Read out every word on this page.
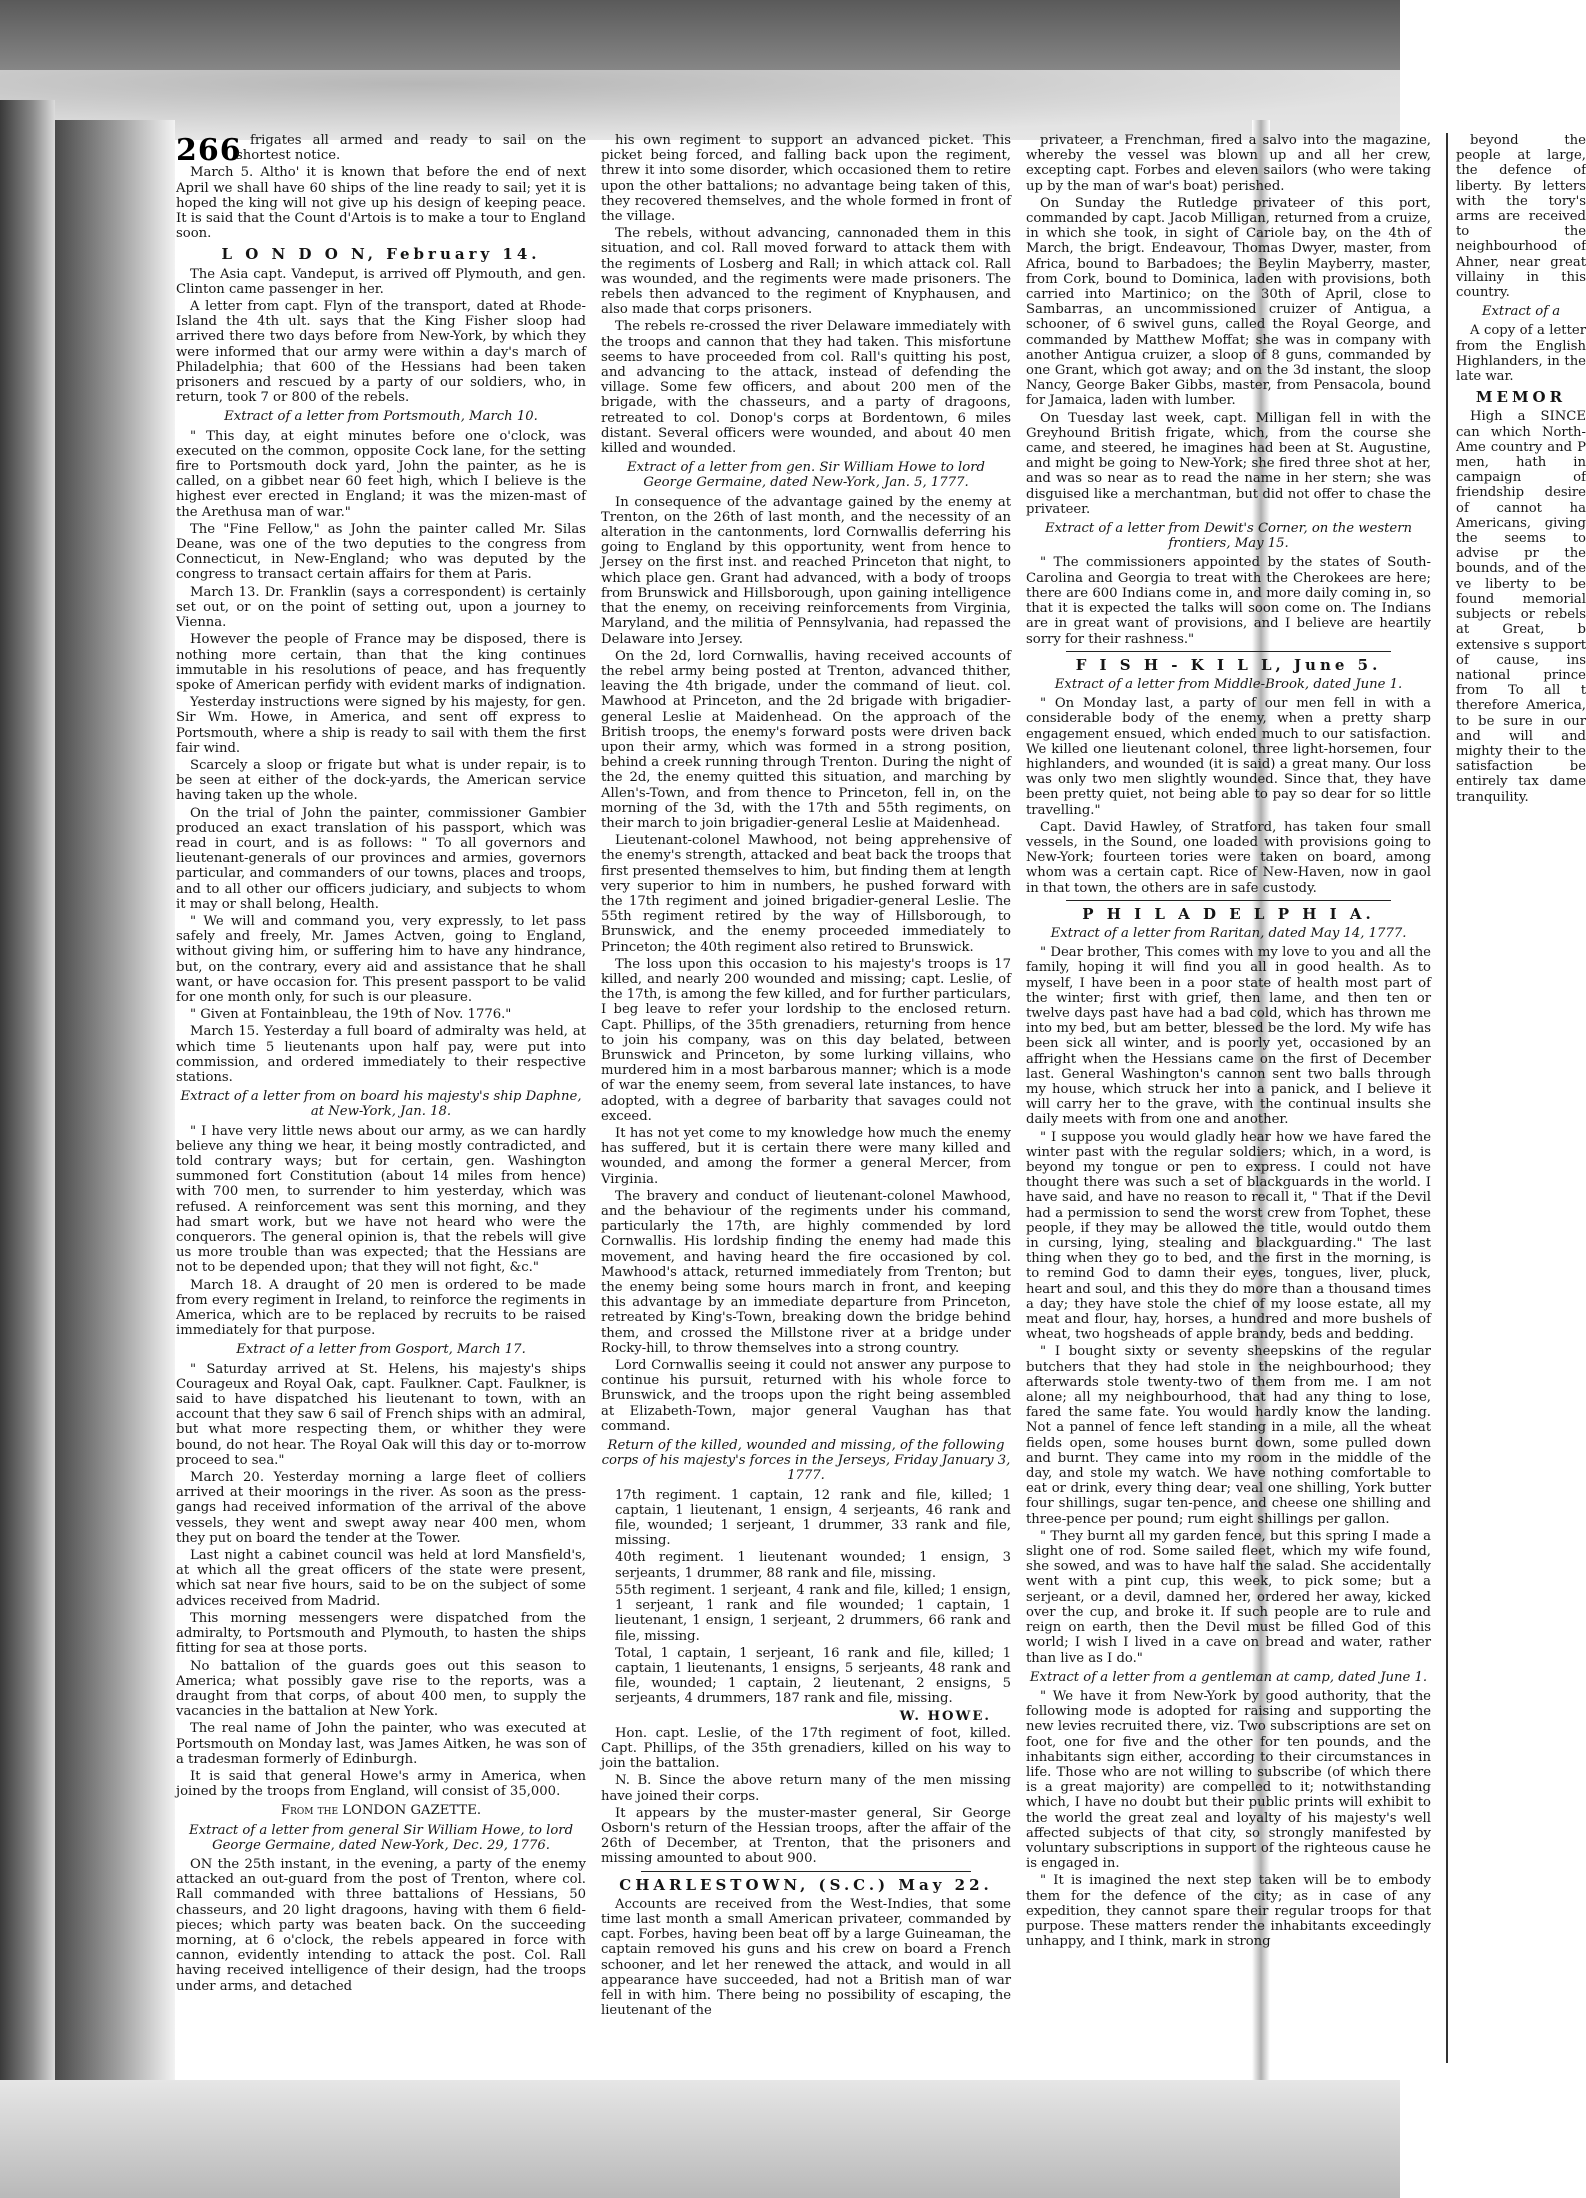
266 frigates all armed and ready to sail on the shortest notice.

March 5. Altho' it is known that before the end of next April we shall have 60 ships of the line ready to sail; yet it is hoped the king will not give up his design of keeping peace. It is said that the Count d'Artois is to make a tour to England soon.

L O N D O N, February 14.

The Asia capt. Vandeput, is arrived off Plymouth, and gen. Clinton came passenger in her.

A letter from capt. Flyn of the transport, dated at Rhode-Island the 4th ult. says that the King Fisher sloop had arrived there two days before from New-York, by which they were informed that our army were within a day's march of Philadelphia; that 600 of the Hessians had been taken prisoners and rescued by a party of our soldiers, who, in return, took 7 or 800 of the rebels.

Extract of a letter from Portsmouth, March 10.

" This day, at eight minutes before one o'clock, was executed on the common, opposite Cock lane, for the setting fire to Portsmouth dock yard, John the painter, as he is called, on a gibbet near 60 feet high, which I believe is the highest ever erected in England; it was the mizen-mast of the Arethusa man of war."

The "Fine Fellow," as John the painter called Mr. Silas Deane, was one of the two deputies to the congress from Connecticut, in New-England; who was deputed by the congress to transact certain affairs for them at Paris.

March 13. Dr. Franklin (says a correspondent) is certainly set out, or on the point of setting out, upon a journey to Vienna.

However the people of France may be disposed, there is nothing more certain, than that the king continues immutable in his resolutions of peace, and has frequently spoke of American perfidy with evident marks of indignation.

Yesterday instructions were signed by his majesty, for gen. Sir Wm. Howe, in America, and sent off express to Portsmouth, where a ship is ready to sail with them the first fair wind.

Scarcely a sloop or frigate but what is under repair, is to be seen at either of the dock-yards, the American service having taken up the whole.

On the trial of John the painter, commissioner Gambier produced an exact translation of his passport, which was read in court, and is as follows: " To all governors and lieutenant-generals of our provinces and armies, governors particular, and commanders of our towns, places and troops, and to all other our officers judiciary, and subjects to whom it may or shall belong, Health.

" We will and command you, very expressly, to let pass safely and freely, Mr. James Actven, going to England, without giving him, or suffering him to have any hindrance, but, on the contrary, every aid and assistance that he shall want, or have occasion for. This present passport to be valid for one month only, for such is our pleasure.

" Given at Fontainbleau, the 19th of Nov. 1776."

March 15. Yesterday a full board of admiralty was held, at which time 5 lieutenants upon half pay, were put into commission, and ordered immediately to their respective stations.

Extract of a letter from on board his majesty's ship Daphne, at New-York, Jan. 18.

" I have very little news about our army, as we can hardly believe any thing we hear, it being mostly contradicted, and told contrary ways; but for certain, gen. Washington summoned fort Constitution (about 14 miles from hence) with 700 men, to surrender to him yesterday, which was refused. A reinforcement was sent this morning, and they had smart work, but we have not heard who were the conquerors. The general opinion is, that the rebels will give us more trouble than was expected; that the Hessians are not to be depended upon; that they will not fight, &c."

March 18. A draught of 20 men is ordered to be made from every regiment in Ireland, to reinforce the regiments in America, which are to be replaced by recruits to be raised immediately for that purpose.

Extract of a letter from Gosport, March 17.

" Saturday arrived at St. Helens, his majesty's ships Courageux and Royal Oak, capt. Faulkner. Capt. Faulkner, is said to have dispatched his lieutenant to town, with an account that they saw 6 sail of French ships with an admiral, but what more respecting them, or whither they were bound, do not hear. The Royal Oak will this day or to-morrow proceed to sea."

March 20. Yesterday morning a large fleet of colliers arrived at their moorings in the river. As soon as the press-gangs had received information of the arrival of the above vessels, they went and swept away near 400 men, whom they put on board the tender at the Tower.

Last night a cabinet council was held at lord Mansfield's, at which all the great officers of the state were present, which sat near five hours, said to be on the subject of some advices received from Madrid.

This morning messengers were dispatched from the admiralty, to Portsmouth and Plymouth, to hasten the ships fitting for sea at those ports.

No battalion of the guards goes out this season to America; what possibly gave rise to the reports, was a draught from that corps, of about 400 men, to supply the vacancies in the battalion at New York.

The real name of John the painter, who was executed at Portsmouth on Monday last, was James Aitken, he was son of a tradesman formerly of Edinburgh.

It is said that general Howe's army in America, when joined by the troops from England, will consist of 35,000.

From the LONDON GAZETTE.

Extract of a letter from general Sir William Howe, to lord George Germaine, dated New-York, Dec. 29, 1776.

ON the 25th instant, in the evening, a party of the enemy attacked an out-guard from the post of Trenton, where col. Rall commanded with three battalions of Hessians, 50 chasseurs, and 20 light dragoons, having with them 6 field-pieces; which party was beaten back. On the succeeding morning, at 6 o'clock, the rebels appeared in force with cannon, evidently intending to attack the post. Col. Rall having received intelligence of their design, had the troops under arms, and detached

his own regiment to support an advanced picket. This picket being forced, and falling back upon the regiment, threw it into some disorder, which occasioned them to retire upon the other battalions; no advantage being taken of this, they recovered themselves, and the whole formed in front of the village.

The rebels, without advancing, cannonaded them in this situation, and col. Rall moved forward to attack them with the regiments of Losberg and Rall; in which attack col. Rall was wounded, and the regiments were made prisoners. The rebels then advanced to the regiment of Knyphausen, and also made that corps prisoners.

The rebels re-crossed the river Delaware immediately with the troops and cannon that they had taken. This misfortune seems to have proceeded from col. Rall's quitting his post, and advancing to the attack, instead of defending the village. Some few officers, and about 200 men of the brigade, with the chasseurs, and a party of dragoons, retreated to col. Donop's corps at Bordentown, 6 miles distant. Several officers were wounded, and about 40 men killed and wounded.

Extract of a letter from gen. Sir William Howe to lord George Germaine, dated New-York, Jan. 5, 1777.

In consequence of the advantage gained by the enemy at Trenton, on the 26th of last month, and the necessity of an alteration in the cantonments, lord Cornwallis deferring his going to England by this opportunity, went from hence to Jersey on the first inst. and reached Princeton that night, to which place gen. Grant had advanced, with a body of troops from Brunswick and Hillsborough, upon gaining intelligence that the enemy, on receiving reinforcements from Virginia, Maryland, and the militia of Pennsylvania, had repassed the Delaware into Jersey.

On the 2d, lord Cornwallis, having received accounts of the rebel army being posted at Trenton, advanced thither, leaving the 4th brigade, under the command of lieut. col. Mawhood at Princeton, and the 2d brigade with brigadier-general Leslie at Maidenhead. On the approach of the British troops, the enemy's forward posts were driven back upon their army, which was formed in a strong position, behind a creek running through Trenton. During the night of the 2d, the enemy quitted this situation, and marching by Allen's-Town, and from thence to Princeton, fell in, on the morning of the 3d, with the 17th and 55th regiments, on their march to join brigadier-general Leslie at Maidenhead.

Lieutenant-colonel Mawhood, not being apprehensive of the enemy's strength, attacked and beat back the troops that first presented themselves to him, but finding them at length very superior to him in numbers, he pushed forward with the 17th regiment and joined brigadier-general Leslie. The 55th regiment retired by the way of Hillsborough, to Brunswick, and the enemy proceeded immediately to Princeton; the 40th regiment also retired to Brunswick.

The loss upon this occasion to his majesty's troops is 17 killed, and nearly 200 wounded and missing; capt. Leslie, of the 17th, is among the few killed, and for further particulars, I beg leave to refer your lordship to the enclosed return. Capt. Phillips, of the 35th grenadiers, returning from hence to join his company, was on this day belated, between Brunswick and Princeton, by some lurking villains, who murdered him in a most barbarous manner; which is a mode of war the enemy seem, from several late instances, to have adopted, with a degree of barbarity that savages could not exceed.

It has not yet come to my knowledge how much the enemy has suffered, but it is certain there were many killed and wounded, and among the former a general Mercer, from Virginia.

The bravery and conduct of lieutenant-colonel Mawhood, and the behaviour of the regiments under his command, particularly the 17th, are highly commended by lord Cornwallis. His lordship finding the enemy had made this movement, and having heard the fire occasioned by col. Mawhood's attack, returned immediately from Trenton; but the enemy being some hours march in front, and keeping this advantage by an immediate departure from Princeton, retreated by King's-Town, breaking down the bridge behind them, and crossed the Millstone river at a bridge under Rocky-hill, to throw themselves into a strong country.

Lord Cornwallis seeing it could not answer any purpose to continue his pursuit, returned with his whole force to Brunswick, and the troops upon the right being assembled at Elizabeth-Town, major general Vaughan has that command.

Return of the killed, wounded and missing, of the following corps of his majesty's forces in the Jerseys, Friday January 3, 1777.

17th regiment. 1 captain, 12 rank and file, killed; 1 captain, 1 lieutenant, 1 ensign, 4 serjeants, 46 rank and file, wounded; 1 serjeant, 1 drummer, 33 rank and file, missing.

40th regiment. 1 lieutenant wounded; 1 ensign, 3 serjeants, 1 drummer, 88 rank and file, missing.

55th regiment. 1 serjeant, 4 rank and file, killed; 1 ensign, 1 serjeant, 1 rank and file wounded; 1 captain, 1 lieutenant, 1 ensign, 1 serjeant, 2 drummers, 66 rank and file, missing.

Total, 1 captain, 1 serjeant, 16 rank and file, killed; 1 captain, 1 lieutenants, 1 ensigns, 5 serjeants, 48 rank and file, wounded; 1 captain, 2 lieutenant, 2 ensigns, 5 serjeants, 4 drummers, 187 rank and file, missing.

W. HOWE.

Hon. capt. Leslie, of the 17th regiment of foot, killed. Capt. Phillips, of the 35th grenadiers, killed on his way to join the battalion.

N. B. Since the above return many of the men missing have joined their corps.

It appears by the muster-master general, Sir George Osborn's return of the Hessian troops, after the affair of the 26th of December, at Trenton, that the prisoners and missing amounted to about 900.

CHARLESTOWN, (S.C.) May 22.

Accounts are received from the West-Indies, that some time last month a small American privateer, commanded by capt. Forbes, having been beat off by a large Guineaman, the captain removed his guns and his crew on board a French schooner, and let her renewed the attack, and would in all appearance have succeeded, had not a British man of war fell in with him. There being no possibility of escaping, the lieutenant of the

privateer, a Frenchman, fired a salvo into the magazine, whereby the vessel was blown up and all her crew, excepting capt. Forbes and eleven sailors (who were taking up by the man of war's boat) perished.

On Sunday the Rutledge privateer of this port, commanded by capt. Jacob Milligan, returned from a cruize, in which she took, in sight of Cariole bay, on the 4th of March, the brigt. Endeavour, Thomas Dwyer, master, from Africa, bound to Barbadoes; the Beylin Mayberry, master, from Cork, bound to Dominica, laden with provisions, both carried into Martinico; on the 30th of April, close to Sambarras, an uncommissioned cruizer of Antigua, a schooner, of 6 swivel guns, called the Royal George, and commanded by Matthew Moffat; she was in company with another Antigua cruizer, a sloop of 8 guns, commanded by one Grant, which got away; and on the 3d instant, the sloop Nancy, George Baker Gibbs, master, from Pensacola, bound for Jamaica, laden with lumber.

On Tuesday last week, capt. Milligan fell in with the Greyhound British frigate, which, from the course she came, and steered, he imagines had been at St. Augustine, and might be going to New-York; she fired three shot at her, and was so near as to read the name in her stern; she was disguised like a merchantman, but did not offer to chase the privateer.

Extract of a letter from Dewit's Corner, on the western frontiers, May 15.

" The commissioners appointed by the states of South-Carolina and Georgia to treat with the Cherokees are here; there are 600 Indians come in, and more daily coming in, so that it is expected the talks will soon come on. The Indians are in great want of provisions, and I believe are heartily sorry for their rashness."

F I S H - K I L L, June 5.

Extract of a letter from Middle-Brook, dated June 1.

" On Monday last, a party of our men fell in with a considerable body of the enemy, when a pretty sharp engagement ensued, which ended much to our satisfaction. We killed one lieutenant colonel, three light-horsemen, four highlanders, and wounded (it is said) a great many. Our loss was only two men slightly wounded. Since that, they have been pretty quiet, not being able to pay so dear for so little travelling."

Capt. David Hawley, of Stratford, has taken four small vessels, in the Sound, one loaded with provisions going to New-York; fourteen tories were taken on board, among whom was a certain capt. Rice of New-Haven, now in gaol in that town, the others are in safe custody.

P H I L A D E L P H I A.

Extract of a letter from Raritan, dated May 14, 1777.

" Dear brother, This comes with my love to you and all the family, hoping it will find you all in good health. As to myself, I have been in a poor state of health most part of the winter; first with grief, then lame, and then ten or twelve days past have had a bad cold, which has thrown me into my bed, but am better, blessed be the lord. My wife has been sick all winter, and is poorly yet, occasioned by an affright when the Hessians came on the first of December last. General Washington's cannon sent two balls through my house, which struck her into a panick, and I believe it will carry her to the grave, with the continual insults she daily meets with from one and another.

" I suppose you would gladly hear how we have fared the winter past with the regular soldiers; which, in a word, is beyond my tongue or pen to express. I could not have thought there was such a set of blackguards in the world. I have said, and have no reason to recall it, " That if the Devil had a permission to send the worst crew from Tophet, these people, if they may be allowed the title, would outdo them in cursing, lying, stealing and blackguarding." The last thing when they go to bed, and the first in the morning, is to remind God to damn their eyes, tongues, liver, pluck, heart and soul, and this they do more than a thousand times a day; they have stole the chief of my loose estate, all my meat and flour, hay, horses, a hundred and more bushels of wheat, two hogsheads of apple brandy, beds and bedding.

" I bought sixty or seventy sheepskins of the regular butchers that they had stole in the neighbourhood; they afterwards stole twenty-two of them from me. I am not alone; all my neighbourhood, that had any thing to lose, fared the same fate. You would hardly know the landing. Not a pannel of fence left standing in a mile, all the wheat fields open, some houses burnt down, some pulled down and burnt. They came into my room in the middle of the day, and stole my watch. We have nothing comfortable to eat or drink, every thing dear; veal one shilling, York butter four shillings, sugar ten-pence, and cheese one shilling and three-pence per pound; rum eight shillings per gallon.

" They burnt all my garden fence, but this spring I made a slight one of rod. Some sailed fleet, which my wife found, she sowed, and was to have half the salad. She accidentally went with a pint cup, this week, to pick some; but a serjeant, or a devil, damned her, ordered her away, kicked over the cup, and broke it. If such people are to rule and reign on earth, then the Devil must be filled God of this world; I wish I lived in a cave on bread and water, rather than live as I do."

Extract of a letter from a gentleman at camp, dated June 1.

" We have it from New-York by good authority, that the following mode is adopted for raising and supporting the new levies recruited there, viz. Two subscriptions are set on foot, one for five and the other for ten pounds, and the inhabitants sign either, according to their circumstances in life. Those who are not willing to subscribe (of which there is a great majority) are compelled to it; notwithstanding which, I have no doubt but their public prints will exhibit to the world the great zeal and loyalty of his majesty's well affected subjects of that city, so strongly manifested by voluntary subscriptions in support of the righteous cause he is engaged in.

" It is imagined the next step taken will be to embody them for the defence of the city; as in case of any expedition, they cannot spare their regular troops for that purpose. These matters render the inhabitants exceedingly unhappy, and I think, mark in strong

beyond the people at large, the defence of liberty. By letters with the tory's arms are received to the neighbourhood of Ahner, near great villainy in this country.

Extract of a

A copy of a letter from the English Highlanders, in the late war.

MEMOR

High a SINCE can which North-Ame country and P men, hath in campaign of friendship desire of cannot ha Americans, giving the seems to advise pr the bounds, and of the ve liberty to be found memorial subjects or rebels at Great, b extensive s support of cause, ins national prince from To all t therefore America, to be sure in our and will and mighty their to the satisfaction be entirely tax dame tranquility.
